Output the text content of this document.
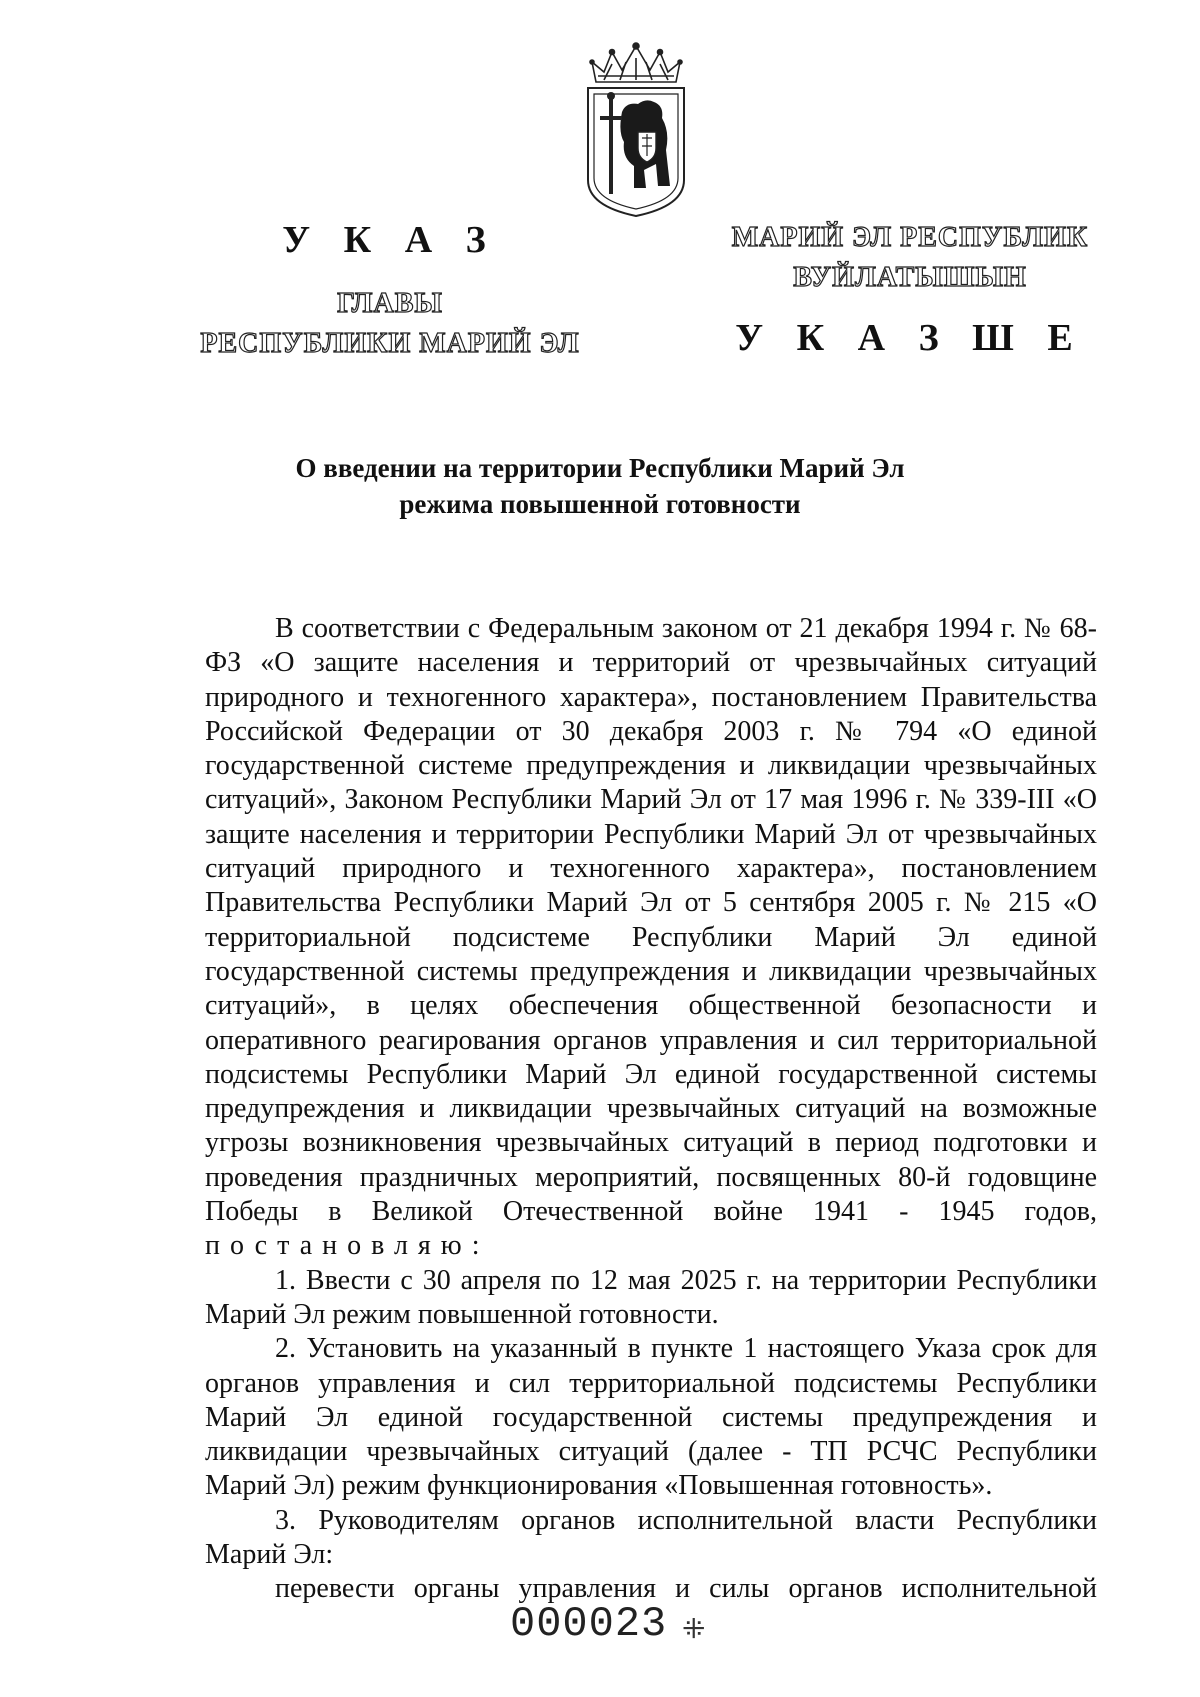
У К А З
ГЛАВЫ
РЕСПУБЛИКИ МАРИЙ ЭЛ
МАРИЙ ЭЛ РЕСПУБЛИК
ВУЙЛАТЫШЫН
У К А З Ш Е
О введении на территории Республики Марий Эл
режима повышенной готовности

В соответствии с Федеральным законом от 21 декабря 1994 г. № 68-ФЗ «О защите населения и территорий от чрезвычайных ситуаций природного и техногенного характера», постановлением Правительства Российской Федерации от 30 декабря 2003 г. № 794 «О единой государственной системе предупреждения и ликвидации чрезвычайных ситуаций», Законом Республики Марий Эл от 17 мая 1996 г. № 339-III «О защите населения и территории Республики Марий Эл от чрезвычайных ситуаций природного и техногенного характера», постановлением Правительства Республики Марий Эл от 5 сентября 2005 г. № 215 «О территориальной подсистеме Республики Марий Эл единой государственной системы предупреждения и ликвидации чрезвычайных ситуаций», в целях обеспечения общественной безопасности и оперативного реагирования органов управления и сил территориальной подсистемы Республики Марий Эл единой государственной системы предупреждения и ликвидации чрезвычайных ситуаций на возможные угрозы возникновения чрезвычайных ситуаций в период подготовки и проведения праздничных мероприятий, посвященных 80-й годовщине Победы в Великой Отечественной войне 1941 - 1945 годов, постановляю:

1. Ввести с 30 апреля по 12 мая 2025 г. на территории Республики Марий Эл режим повышенной готовности.

2. Установить на указанный в пункте 1 настоящего Указа срок для органов управления и сил территориальной подсистемы Республики Марий Эл единой государственной системы предупреждения и ликвидации чрезвычайных ситуаций (далее - ТП РСЧС Республики Марий Эл) режим функционирования «Повышенная готовность».

3. Руководителям органов исполнительной власти Республики Марий Эл:

перевести органы управления и силы органов исполнительной

000023 ⁜
